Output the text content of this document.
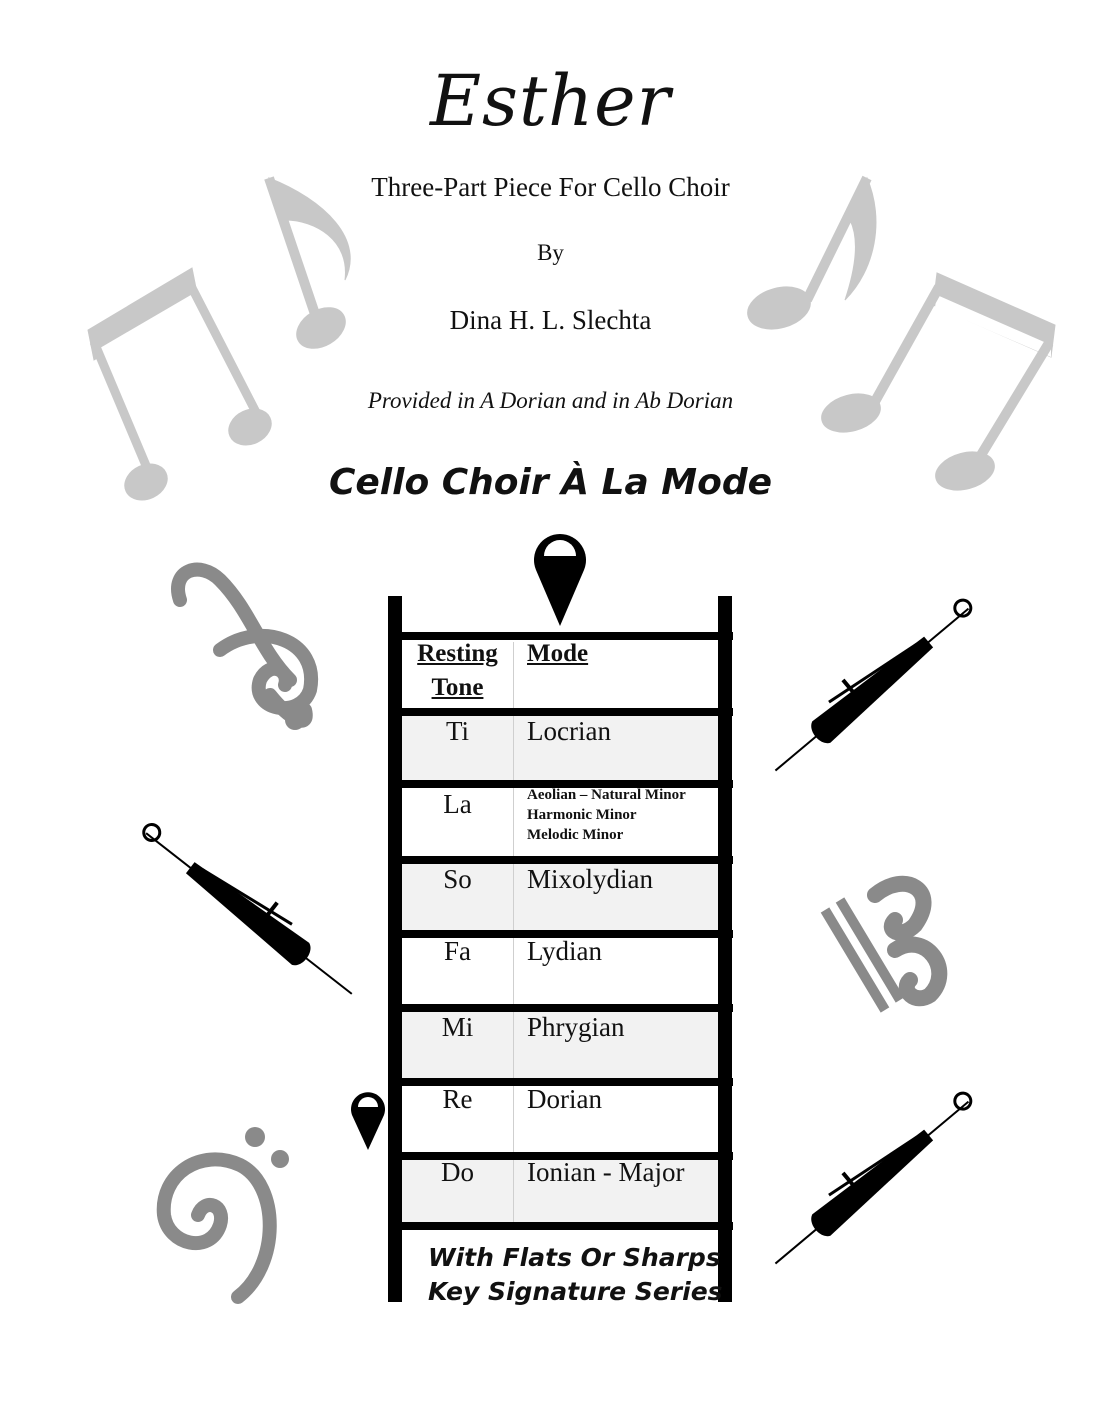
Esther
Three-Part Piece For Cello Choir
By
Dina H. L. Slechta
Provided in A Dorian and in Ab Dorian
Cello Choir À La Mode
Resting Tone
Mode
Ti	Locrian
La	Aeolian – Natural Minor
Harmonic Minor
Melodic Minor
So	Mixolydian
Fa	Lydian
Mi	Phrygian
Re	Dorian
Do	Ionian - Major
With Flats Or Sharps
Key Signature Series
